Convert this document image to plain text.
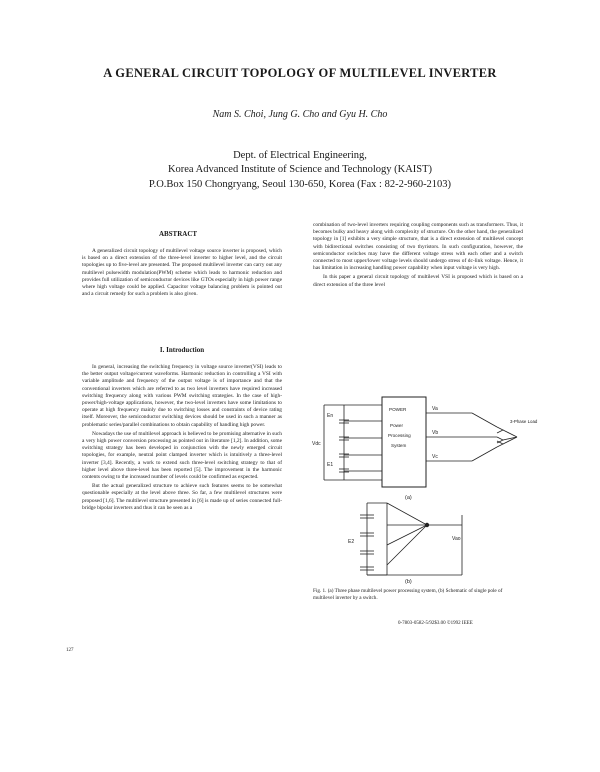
A GENERAL CIRCUIT TOPOLOGY OF MULTILEVEL INVERTER
Nam S. Choi, Jung G. Cho and Gyu H. Cho
Dept. of Electrical Engineering,
Korea Advanced Institute of Science and Technology (KAIST)
P.O.Box 150 Chongryang, Seoul 130-650, Korea (Fax : 82-2-960-2103)
ABSTRACT

A generalized circuit topology of multilevel voltage source inverter is proposed, which is based on a direct extension of the three-level inverter to higher level, and the circuit topologies up to five-level are presented. The proposed multilevel inverter can carry out any multilevel pulsewidth modulation(PWM) scheme which leads to harmonic reduction and provides full utilization of semiconductor devices like GTOs especially in high power range where high voltage could be applied. Capacitor voltage balancing problem is pointed out and a circuit remedy for such a problem is also given.

I. Introduction

In general, increasing the switching frequency in voltage source inverter(VSI) leads to the better output voltage/current waveforms. Harmonic reduction in controlling a VSI with variable amplitude and frequency of the output voltage is of importance and that the conventional inverters which are referred to as two level inverters have required increased switching frequency along with various PWM switching strategies. In the case of high-power/high-voltage applications, however, the two-level inverters have some limitations to operate at high frequency mainly due to switching losses and constraints of device rating itself. Moreover, the semiconductor switching devices should be used in such a manner as problematic series/parallel combinations to obtain capability of handling high power.

Nowadays the use of multilevel approach is believed to be promising alternative in such a very high power conversion processing as pointed out in literature [1,2]. In addition, some switching strategy has been developed in conjunction with the newly emerged circuit topologies, for example, neutral point clamped inverter which is intuitively a three-level inverter [3,4]. Recently, a work to extend such three-level switching strategy to that of higher level above three-level has been reported [5]. The improvement in the harmonic contents owing to the increased number of levels could be confirmed as expected.

But the actual generalized structure to achieve such features seems to be somewhat questionable especially at the level above three. So far, a few multilevel structures were proposed [1,6]. The multilevel structure presented in [6] is made up of series connected full-bridge bipolar inverters and thus it can be seen as a

combination of two-level inverters requiring coupling components such as transformers. Thus, it becomes bulky and heavy along with complexity of structure. On the other hand, the generalized topology in [1] exhibits a very simple structure, that is a direct extension of multilevel concept with bidirectional switches consisting of two thyristors. In such configuration, however, the semiconductor switches may have the different voltage stress with each other and a switch connected to most upper/lower voltage levels should undergo stress of dc-link voltage. Hence, it has limitation in increasing handling power capability when input voltage is very high.

In this paper a general circuit topology of multilevel VSI is proposed which is based on a direct extension of the three level

Vdc
En
E1
POWER
Power
Processing
System
Va
Vb
Vc
3-Phase Load
(a)
E2	Vao
(b)
Fig. 1. (a) Three phase multilevel power processing system, (b) Schematic of single pole of multilevel inverter by a switch.
0-7803-0582-5/92$3.00 ©1992 IEEE
127
